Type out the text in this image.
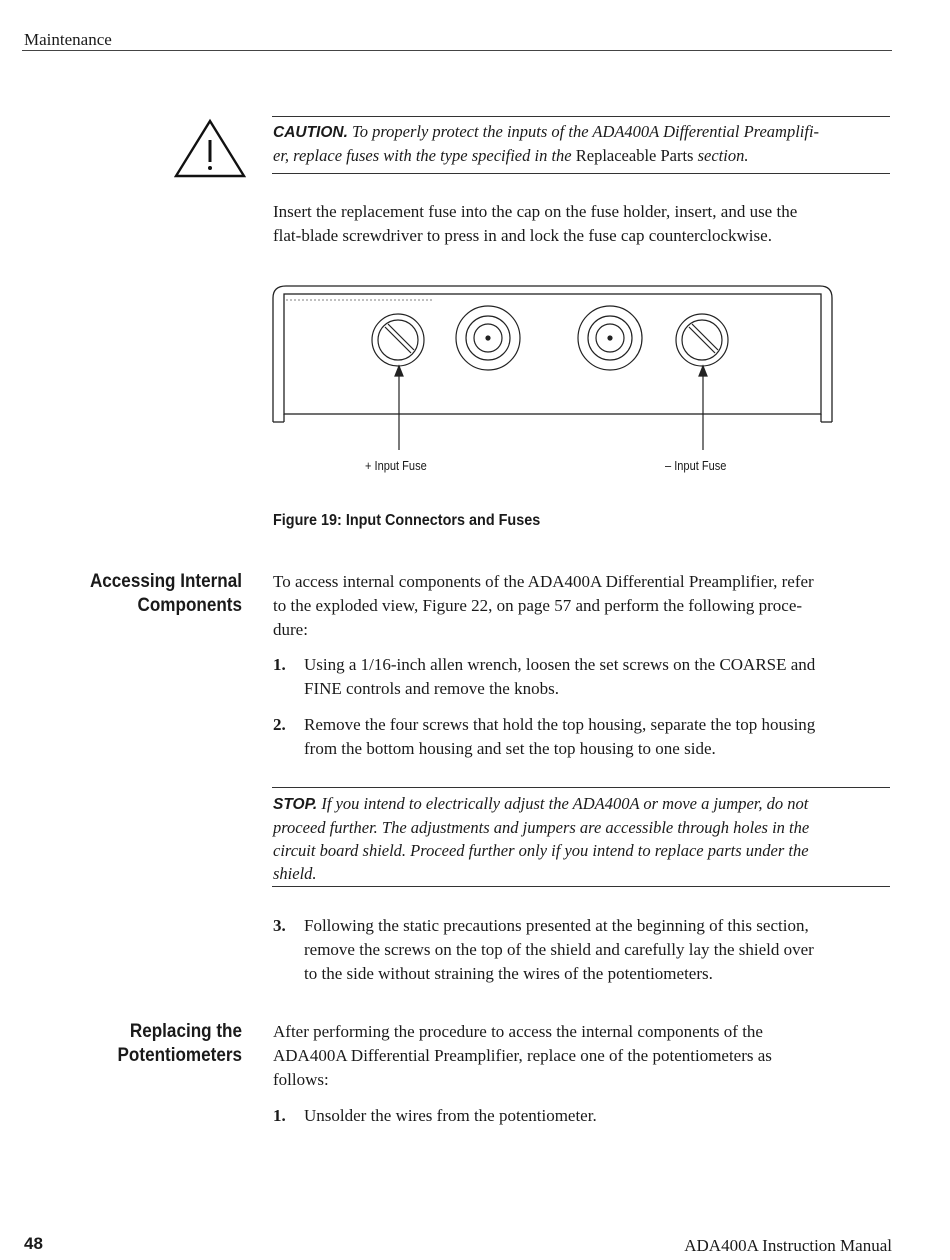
Maintenance
CAUTION. To properly protect the inputs of the ADA400A Differential Preamplifi-
er, replace fuses with the type specified in the Replaceable Parts section.
Insert the replacement fuse into the cap on the fuse holder, insert, and use the
flat-blade screwdriver to press in and lock the fuse cap counterclockwise.
+ Input Fuse	– Input Fuse
Figure 19: Input Connectors and Fuses
Accessing Internal
Components
To access internal components of the ADA400A Differential Preamplifier, refer
to the exploded view, Figure 22, on page 57 and perform the following proce-
dure:
1. Using a 1/16-inch allen wrench, loosen the set screws on the COARSE and
FINE controls and remove the knobs.
2. Remove the four screws that hold the top housing, separate the top housing
from the bottom housing and set the top housing to one side.
STOP. If you intend to electrically adjust the ADA400A or move a jumper, do not
proceed further. The adjustments and jumpers are accessible through holes in the
circuit board shield. Proceed further only if you intend to replace parts under the
shield.
3. Following the static precautions presented at the beginning of this section,
remove the screws on the top of the shield and carefully lay the shield over
to the side without straining the wires of the potentiometers.
Replacing the
Potentiometers
After performing the procedure to access the internal components of the
ADA400A Differential Preamplifier, replace one of the potentiometers as
follows:
1. Unsolder the wires from the potentiometer.
48	ADA400A Instruction Manual
